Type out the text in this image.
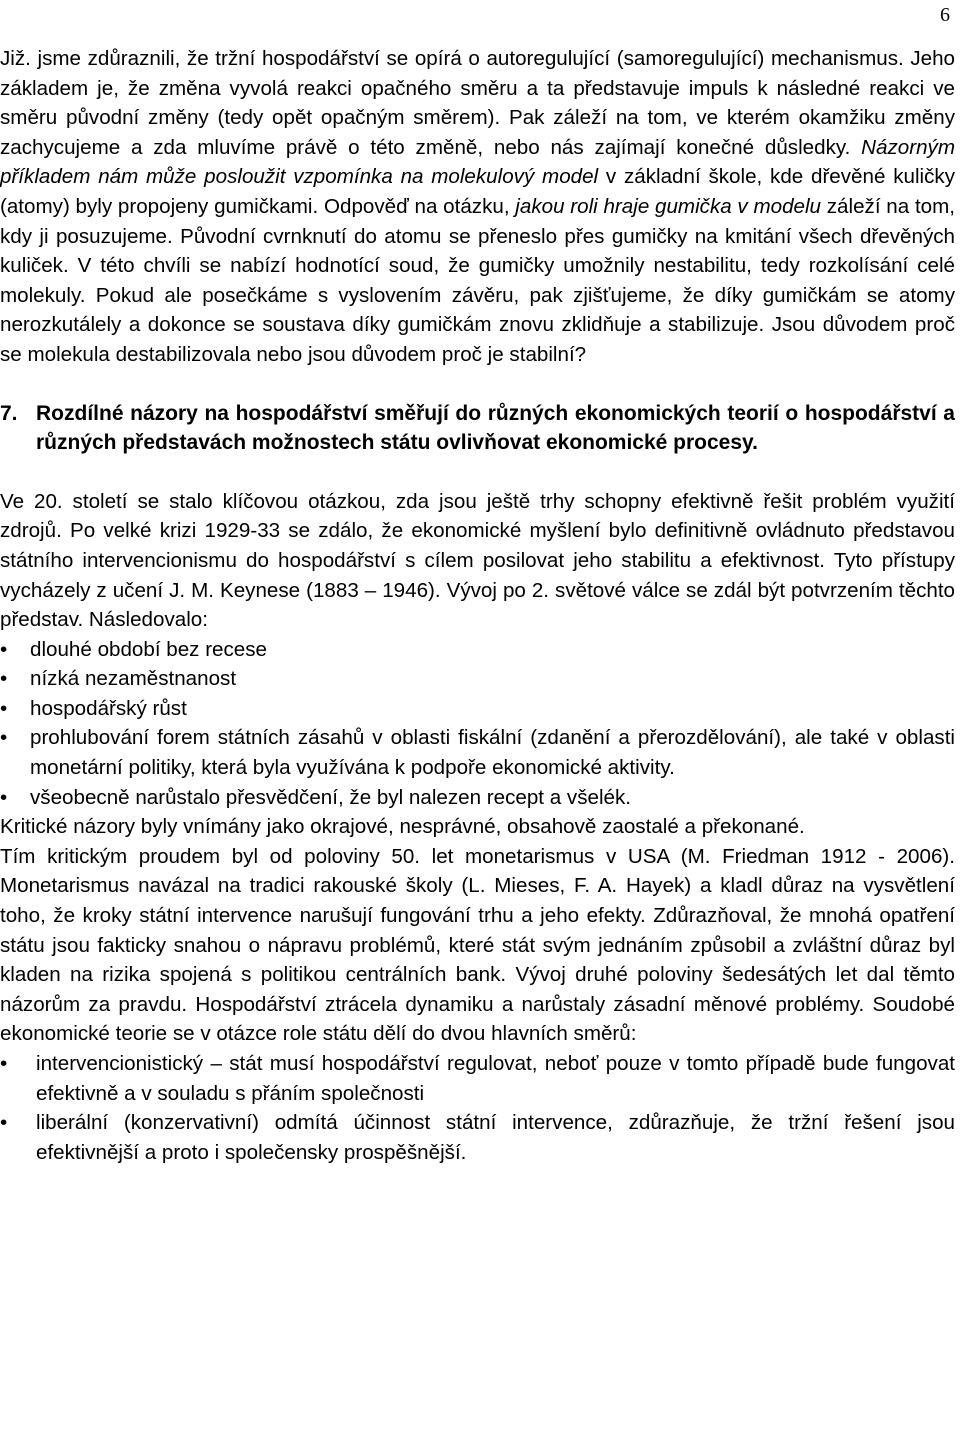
6

Již. jsme zdůraznili, že tržní hospodářství se opírá o autoregulující (samoregulující) mechanismus. Jeho základem je, že změna vyvolá reakci opačného směru a ta představuje impuls k následné reakci ve směru původní změny (tedy opět opačným směrem). Pak záleží na tom, ve kterém okamžiku změny zachycujeme a zda mluvíme právě o této změně, nebo nás zajímají konečné důsledky. Názorným příkladem nám může posloužit vzpomínka na molekulový model v základní škole, kde dřevěné kuličky (atomy) byly propojeny gumičkami. Odpověď na otázku, jakou roli hraje gumička v modelu záleží na tom, kdy ji posuzujeme. Původní cvrnknutí do atomu se přeneslo přes gumičky na kmitání všech dřevěných kuliček. V této chvíli se nabízí hodnotící soud, že gumičky umožnily nestabilitu, tedy rozkolísání celé molekuly. Pokud ale posečkáme s vyslovením závěru, pak zjišťujeme, že díky gumičkám se atomy nerozkutálely a dokonce se soustava díky gumičkám znovu zklidňuje a stabilizuje. Jsou důvodem proč se molekula destabilizovala nebo jsou důvodem proč je stabilní?

7. Rozdílné názory na hospodářství směřují do různých ekonomických teorií o hospodářství a různých představách možnostech státu ovlivňovat ekonomické procesy.

Ve 20. století se stalo klíčovou otázkou, zda jsou ještě trhy schopny efektivně řešit problém využití zdrojů. Po velké krizi 1929-33 se zdálo, že ekonomické myšlení bylo definitivně ovládnuto představou státního intervencionismu do hospodářství s cílem posilovat jeho stabilitu a efektivnost. Tyto přístupy vycházely z učení J. M. Keynese (1883 – 1946). Vývoj po 2. světové válce se zdál být potvrzením těchto představ. Následovalo:

• dlouhé období bez recese
• nízká nezaměstnanost
• hospodářský růst
• prohlubování forem státních zásahů v oblasti fiskální (zdanění a přerozdělování), ale také v oblasti monetární politiky, která byla využívána k podpoře ekonomické aktivity.
• všeobecně narůstalo přesvědčení, že byl nalezen recept a všelék.

Kritické názory byly vnímány jako okrajové, nesprávné, obsahově zaostalé a překonané.

Tím kritickým proudem byl od poloviny 50. let monetarismus v USA (M. Friedman 1912 - 2006). Monetarismus navázal na tradici rakouské školy (L. Mieses, F. A. Hayek) a kladl důraz na vysvětlení toho, že kroky státní intervence narušují fungování trhu a jeho efekty. Zdůrazňoval, že mnohá opatření státu jsou fakticky snahou o nápravu problémů, které stát svým jednáním způsobil a zvláštní důraz byl kladen na rizika spojená s politikou centrálních bank. Vývoj druhé poloviny šedesátých let dal těmto názorům za pravdu. Hospodářství ztrácela dynamiku a narůstaly zásadní měnové problémy. Soudobé ekonomické teorie se v otázce role státu dělí do dvou hlavních směrů:

• intervencionistický – stát musí hospodářství regulovat, neboť pouze v tomto případě bude fungovat efektivně a v souladu s přáním společnosti
• liberální (konzervativní) odmítá účinnost státní intervence, zdůrazňuje, že tržní řešení jsou efektivnější a proto i společensky prospěšnější.
